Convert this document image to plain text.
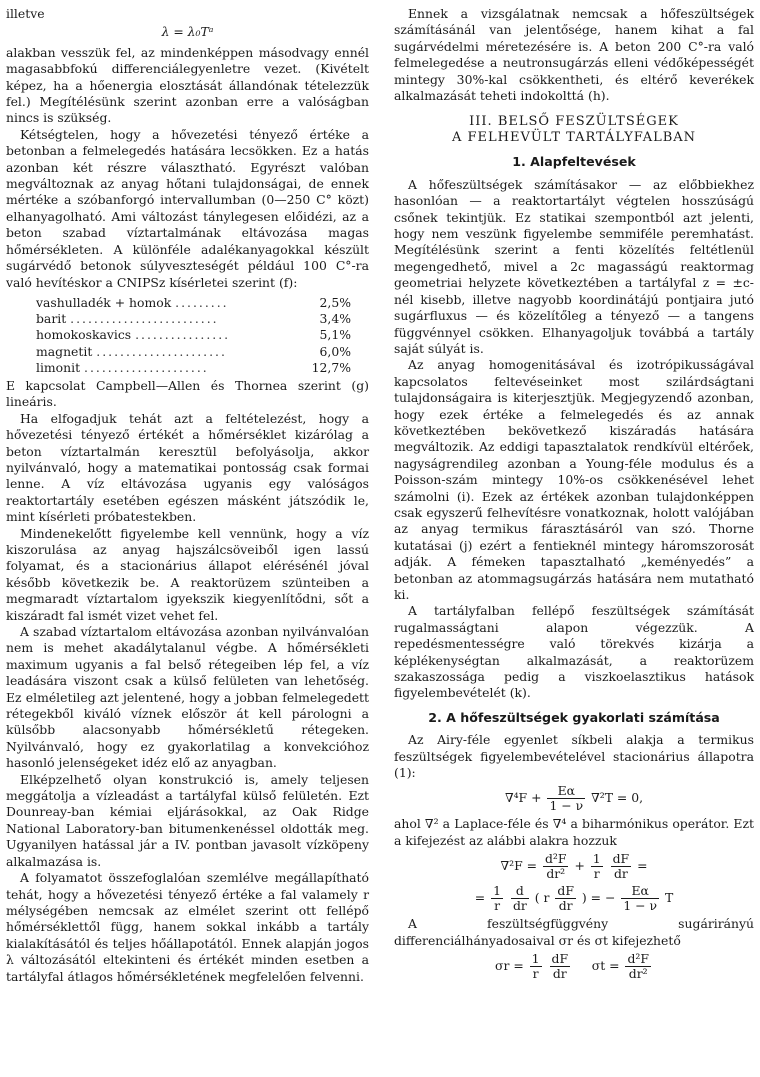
illetve

λ = λ₀Tᵃ

alakban vesszük fel, az mindenképpen másodvagy ennél magasabbfokú differenciálegyenletre vezet. (Kivételt képez, ha a hőenergia elosztását állandónak tételezzük fel.) Megítélésünk szerint azonban erre a valóságban nincs is szükség.

Kétségtelen, hogy a hővezetési tényező értéke a betonban a felmelegedés hatására lecsökken. Ez a hatás azonban két részre választható. Egyrészt valóban megváltoznak az anyag hőtani tulajdonságai, de ennek mértéke a szóbanforgó intervallumban (0—250 C° közt) elhanyagolható. Ami változást tánylegesen előidézi, az a beton szabad víztartalmának eltávozása magas hőmérsékleten. A különféle adalékanyagokkal készült sugárvédő betonok súlyveszteségét például 100 C°-ra való hevítéskor a CNIPSz kísérletei szerint (f):

vashulladék + homok .........	2,5%
barit .........................	3,4%
homokoskavics ................	5,1%
magnetit ......................	6,0%
limonit .....................	12,7%

E kapcsolat Campbell—Allen és Thornea szerint (g) lineáris.

Ha elfogadjuk tehát azt a feltételezést, hogy a hővezetési tényező értékét a hőmérséklet kizárólag a beton víztartalmán keresztül befolyásolja, akkor nyilvánvaló, hogy a matematikai pontosság csak formai lenne. A víz eltávozása ugyanis egy valóságos reaktortartály esetében egészen másként játszódik le, mint kísérleti próbatestekben.

Mindenekelőtt figyelembe kell vennünk, hogy a víz kiszorulása az anyag hajszálcsöveiből igen lassú folyamat, és a stacionárius állapot elérésénél jóval később következik be. A reaktorüzem szünteiben a megmaradt víztartalom igyekszik kiegyenlítődni, sőt a kiszáradt fal ismét vizet vehet fel.

A szabad víztartalom eltávozása azonban nyilvánvalóan nem is mehet akadálytalanul végbe. A hőmérsékleti maximum ugyanis a fal belső rétegeiben lép fel, a víz leadására viszont csak a külső felületen van lehetőség. Ez elméletileg azt jelentené, hogy a jobban felmelegedett rétegekből kiváló víznek először át kell párologni a külsőbb alacsonyabb hőmérsékletű rétegeken. Nyilvánvaló, hogy ez gyakorlatilag a konvekcióhoz hasonló jelenségeket idéz elő az anyagban.

Elképzelhető olyan konstrukció is, amely teljesen meggátolja a vízleadást a tartályfal külső felületén. Ezt Dounreay-ban kémiai eljárásokkal, az Oak Ridge National Laboratory-ban bitumenkenéssel oldották meg. Ugyanilyen hatással jár a IV. pontban javasolt vízköpeny alkalmazása is.

A folyamatot összefoglalóan szemlélve megállapítható tehát, hogy a hővezetési tényező értéke a fal valamely r mélységében nemcsak az elmélet szerint ott fellépő hőmérséklettől függ, hanem sokkal inkább a tartály kialakításától és teljes hőállapotától. Ennek alapján jogos λ változásától eltekinteni és értékét minden esetben a tartályfal átlagos hőmérsékletének megfelelően felvenni.

Ennek a vizsgálatnak nemcsak a hőfeszültségek számításánál van jelentősége, hanem kihat a fal sugárvédelmi méretezésére is. A beton 200 C°-ra való felmelegedése a neutronsugárzás elleni védőképességét mintegy 30%-kal csökkentheti, és eltérő keverékek alkalmazását teheti indokolttá (h).

III. BELSŐ FESZÜLTSÉGEK
A FELHEVÜLT TARTÁLYFALBAN
1. Alapfeltevések

A hőfeszültségek számításakor — az előbbiekhez hasonlóan — a reaktortartályt végtelen hosszúságú csőnek tekintjük. Ez statikai szempontból azt jelenti, hogy nem veszünk figyelembe semmiféle peremhatást. Megítélésünk szerint a fenti közelítés feltétlenül megengedhető, mivel a 2c magasságú reaktormag geometriai helyzete következtében a tartályfal z = ±c-nél kisebb, illetve nagyobb koordinátájú pontjaira jutó sugárfluxus — és közelítőleg a tényező — a tangens függvénnyel csökken. Elhanyagoljuk továbbá a tartály saját súlyát is.

Az anyag homogenitásával és izotrópikusságával kapcsolatos feltevéseinket most szilárdságtani tulajdonságaira is kiterjesztjük. Megjegyzendő azonban, hogy ezek értéke a felmelegedés és az annak következtében bekövetkező kiszáradás hatására megváltozik. Az eddigi tapasztalatok rendkívül eltérőek, nagyságrendileg azonban a Young-féle modulus és a Poisson-szám mintegy 10%-os csökkenésével lehet számolni (i). Ezek az értékek azonban tulajdonképpen csak egyszerű felhevítésre vonatkoznak, holott valójában az anyag termikus fárasztásáról van szó. Thorne kutatásai (j) ezért a fentieknél mintegy háromszorosát adják. A fémeken tapasztalható „keményedés” a betonban az atommagsugárzás hatására nem mutatható ki.

A tartályfalban fellépő feszültségek számítását rugalmasságtani alapon végezzük. A repedésmentességre való törekvés kizárja a képlékenységtan alkalmazását, a reaktorüzem szakaszossága pedig a viszkoelasztikus hatások figyelembevételét (k).

2. A hőfeszültségek gyakorlati számítása

Az Airy-féle egyenlet síkbeli alakja a termikus feszültségek figyelembevételével stacionárius állapotra (1):

$\nabla^4F + \frac{E\alpha}{1 - \nu} \nabla^2T = 0$,

ahol ∇² a Laplace-féle és ∇⁴ a biharmónikus operátor. Ezt a kifejezést az alábbi alakra hozzuk

$\nabla^2F = \frac{\text{d²F}}{\text{dr²}} + \frac{1}{r}$
$\frac{dF}{dr}$ =
= $\frac{1}{r}$
$\frac{d}{dr}$ ( r $\frac{dF}{dr}$ ) = − $\frac{E\alpha}{1 - \nu}$ T

A feszültségfüggvény sugárirányú differenciálhányadosaival σr és σt kifejezhető

$\sigma r = \frac{1}{r}$
$\frac{dF}{dr}$ $\sigma t = \frac{\text{d²F}}{\text{dr²}}$
